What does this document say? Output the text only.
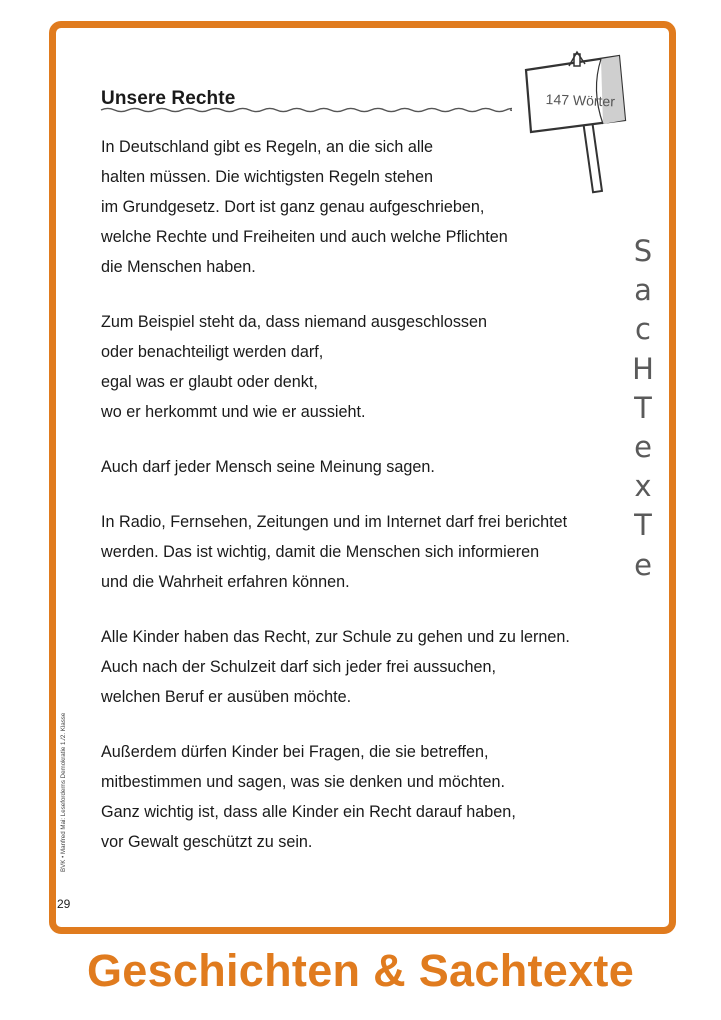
Unsere Rechte	147 Wörter
S
a
c
H
T
e
x
T
e

In Deutschland gibt es Regeln, an die sich alle
halten müssen. Die wichtigsten Regeln stehen
im Grundgesetz. Dort ist ganz genau aufgeschrieben,
welche Rechte und Freiheiten und auch welche Pflichten
die Menschen haben.

Zum Beispiel steht da, dass niemand ausgeschlossen
oder benachteiligt werden darf,
egal was er glaubt oder denkt,
wo er herkommt und wie er aussieht.

Auch darf jeder Mensch seine Meinung sagen.

In Radio, Fernsehen, Zeitungen und im Internet darf frei berichtet
werden. Das ist wichtig, damit die Menschen sich informieren
und die Wahrheit erfahren können.

Alle Kinder haben das Recht, zur Schule zu gehen und zu lernen.
Auch nach der Schulzeit darf sich jeder frei aussuchen,
welchen Beruf er ausüben möchte.

Außerdem dürfen Kinder bei Fragen, die sie betreffen,
mitbestimmen und sagen, was sie denken und möchten.
Ganz wichtig ist, dass alle Kinder ein Recht darauf haben,
vor Gewalt geschützt zu sein.

BVK • Manfred Mai: Leseforderns Demokratie 1./2. Klasse
29
Geschichten & Sachtexte
